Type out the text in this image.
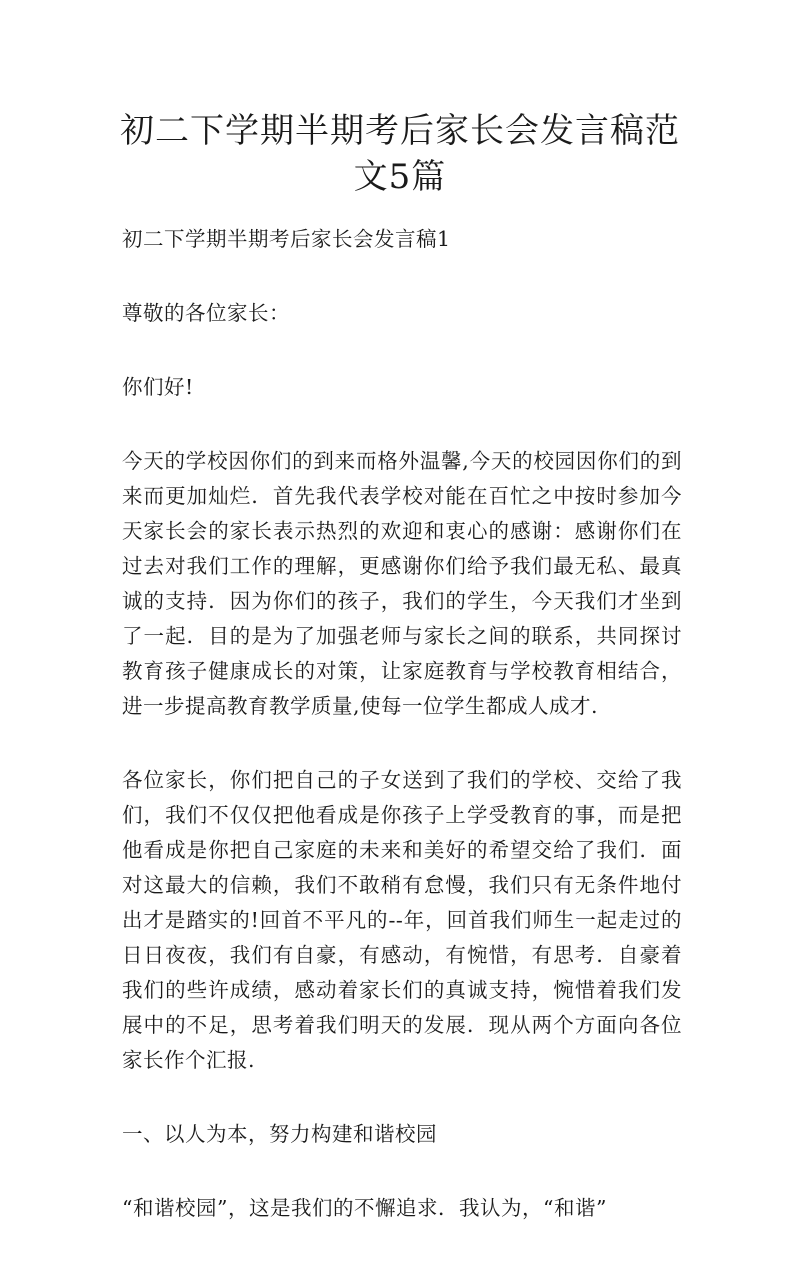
初二下学期半期考后家长会发言稿范文5篇

初二下学期半期考后家长会发言稿1

尊敬的各位家长：

你们好!

今天的学校因你们的到来而格外温馨,今天的校园因你们的到来而更加灿烂．首先我代表学校对能在百忙之中按时参加今天家长会的家长表示热烈的欢迎和衷心的感谢：感谢你们在过去对我们工作的理解，更感谢你们给予我们最无私、最真诚的支持．因为你们的孩子，我们的学生，今天我们才坐到了一起．目的是为了加强老师与家长之间的联系，共同探讨教育孩子健康成长的对策，让家庭教育与学校教育相结合，进一步提高教育教学质量,使每一位学生都成人成才.

各位家长，你们把自己的子女送到了我们的学校、交给了我们，我们不仅仅把他看成是你孩子上学受教育的事，而是把他看成是你把自己家庭的未来和美好的希望交给了我们．面对这最大的信赖，我们不敢稍有怠慢，我们只有无条件地付出才是踏实的!回首不平凡的--年，回首我们师生一起走过的日日夜夜，我们有自豪，有感动，有惋惜，有思考．自豪着我们的些许成绩，感动着家长们的真诚支持，惋惜着我们发展中的不足，思考着我们明天的发展．现从两个方面向各位家长作个汇报.

一、以人为本，努力构建和谐校园

“和谐校园”，这是我们的不懈追求．我认为，“和谐”
